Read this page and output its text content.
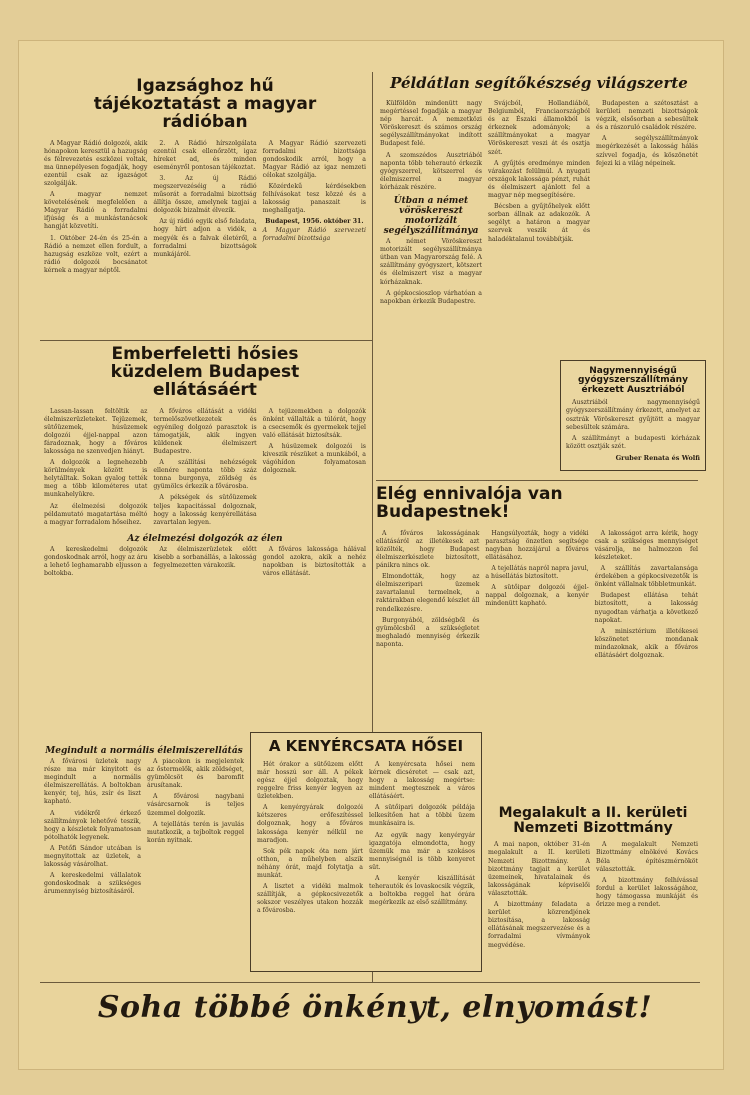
Igazsághoz hű tájékoztatást a magyar rádióban

A Magyar Rádió dolgozói, akik hónapokon keresztül a hazugság és félrevezetés eszközei voltak, ma ünnepélyesen fogadják, hogy ezentúl csak az igazságot szolgálják.

A magyar nemzet követelésének megfelelően a Magyar Rádió a forradalmi ifjúság és a munkástanácsok hangját közvetíti.

1. Október 24-én és 25-én a Rádió a nemzet ellen fordult, a hazugság eszköze volt, ezért a rádió dolgozói bocsánatot kérnek a magyar néptől.

2. A Rádió hírszolgálata ezentúl csak ellenőrzött, igaz híreket ad, és minden eseményről pontosan tájékoztat.

3. Az új Rádió megszervezéséig a rádió műsorát a forradalmi bizottság állítja össze, amelynek tagjai a dolgozók bizalmát élvezik.

Az új rádió egyik első feladata, hogy hírt adjon a vidék, a megyék és a falvak életéről, a forradalmi bizottságok munkájáról.

A Magyar Rádió szervezeti forradalmi bizottsága gondoskodik arról, hogy a Magyar Rádió az igaz nemzeti célokat szolgálja.

Közérdekű kérdésekben felhívásokat tesz közzé és a lakosság panaszait is meghallgatja.

Budapest, 1956. október 31.

A Magyar Rádió szervezeti forradalmi bizottsága

Példátlan segítőkészség világszerte

Külföldön mindenütt nagy megértéssel fogadják a magyar nép harcát. A nemzetközi Vöröskereszt és számos ország segélyszállítmányokat indított Budapest felé.

A szomszédos Ausztriából naponta több teherautó érkezik gyógyszerrel, kötszerrel és élelmiszerrel a magyar kórházak részére.

Útban a német vöröskereszt motorizált segélyszállítmánya

A német Vöröskereszt motorizált segélyszállítmánya útban van Magyarország felé. A szállítmány gyógyszert, kötszert és élelmiszert visz a magyar kórházaknak.

A gépkocsioszlop várhatóan a napokban érkezik Budapestre.

Svájcból, Hollandiából, Belgiumból, Franciaországból és az Északi államokból is érkeznek adományok; a szállítmányokat a magyar Vöröskereszt veszi át és osztja szét.

A gyűjtés eredménye minden várakozást felülmúl. A nyugati országok lakossága pénzt, ruhát és élelmiszert ajánlott fel a magyar nép megsegítésére.

Bécsben a gyűjtőhelyek előtt sorban állnak az adakozók. A segélyt a határon a magyar szervek veszik át és haladéktalanul továbbítják.

Budapesten a szétosztást a kerületi nemzeti bizottságok végzik, elsősorban a sebesültek és a rászoruló családok részére.

A segélyszállítmányok megérkezését a lakosság hálás szívvel fogadja, és köszönetét fejezi ki a világ népeinek.

Nagymennyiségű gyógyszerszállítmány érkezett Ausztriából

Ausztriából nagymennyiségű gyógyszerszállítmány érkezett, amelyet az osztrák Vöröskereszt gyűjtött a magyar sebesültek számára.

A szállítmányt a budapesti kórházak között osztják szét.

Gruber Renata és Wolfi
Emberfeletti hősies küzdelem Budapest ellátásáért

Lassan-lassan feltöltik az élelmiszerüzleteket. Tejüzemek, sütőüzemek, húsüzemek dolgozói éjjel-nappal azon fáradoznak, hogy a főváros lakossága ne szenvedjen hiányt.

A dolgozók a legnehezebb körülmények között is helytálltak. Sokan gyalog tették meg a több kilométeres utat munkahelyükre.

Az élelmezési dolgozók példamutató magatartása méltó a magyar forradalom hőseihez.

A főváros ellátását a vidéki termelőszövetkezetek és egyénileg dolgozó parasztok is támogatják, akik ingyen küldenek élelmiszert Budapestre.

A szállítási nehézségek ellenére naponta több száz tonna burgonya, zöldség és gyümölcs érkezik a fővárosba.

A pékségek és sütőüzemek teljes kapacitással dolgoznak, hogy a lakosság kenyérellátása zavartalan legyen.

A tejüzemekben a dolgozók önként vállalták a túlórát, hogy a csecsemők és gyermekek tejjel való ellátását biztosítsák.

A húsüzemek dolgozói is kiveszik részüket a munkából, a vágóhídon folyamatosan dolgoznak.

Az élelmezési dolgozók az élen

A kereskedelmi dolgozók gondoskodnak arról, hogy az áru a lehető leghamarabb eljusson a boltokba.

Az élelmiszerüzletek előtt kisebb a sorbanállás, a lakosság fegyelmezetten várakozik.

A főváros lakossága hálával gondol azokra, akik a nehéz napokban is biztosították a város ellátását.

Megindult a normális élelmiszerellátás

A fővárosi üzletek nagy része ma már kinyitott és megindult a normális élelmiszerellátás. A boltokban kenyér, tej, hús, zsír és liszt kapható.

A vidékről érkező szállítmányok lehetővé teszik, hogy a készletek folyamatosan pótolhatók legyenek.

A Petőfi Sándor utcában is megnyitottak az üzletek, a lakosság vásárolhat.

A kereskedelmi vállalatok gondoskodnak a szükséges árumennyiség biztosításáról.

A piacokon is megjelentek az őstermelők, akik zöldséget, gyümölcsöt és baromfit árusítanak.

A fővárosi nagybani vásárcsarnok is teljes üzemmel dolgozik.

A tejellátás terén is javulás mutatkozik, a tejboltok reggel korán nyitnak.

Elég ennivalója van Budapestnek!

A főváros lakosságának ellátásáról az illetékesek azt közölték, hogy Budapest élelmiszerkészlete biztosított, pánikra nincs ok.

Elmondották, hogy az élelmiszeripari üzemek zavartalanul termelnek, a raktárakban elegendő készlet áll rendelkezésre.

Burgonyából, zöldségből és gyümölcsből a szükségletet meghaladó mennyiség érkezik naponta.

Hangsúlyozták, hogy a vidéki parasztság önzetlen segítsége nagyban hozzájárul a főváros ellátásához.

A tejellátás napról napra javul, a húsellátás biztosított.

A sütőipar dolgozói éjjel-nappal dolgoznak, a kenyér mindenütt kapható.

A lakosságot arra kérik, hogy csak a szükséges mennyiséget vásárolja, ne halmozzon fel készleteket.

A szállítás zavartalansága érdekében a gépkocsivezetők is önként vállalnak többletmunkát.

Budapest ellátása tehát biztosított, a lakosság nyugodtan várhatja a következő napokat.

A minisztérium illetékesei köszönetet mondanak mindazoknak, akik a főváros ellátásáért dolgoznak.

A KENYÉRCSATA HŐSEI

Hét órakor a sütőüzem előtt már hosszú sor áll. A pékek egész éjjel dolgoztak, hogy reggelre friss kenyér legyen az üzletekben.

A kenyérgyárak dolgozói kétszeres erőfeszítéssel dolgoznak, hogy a főváros lakossága kenyér nélkül ne maradjon.

Sok pék napok óta nem járt otthon, a műhelyben alszik néhány órát, majd folytatja a munkát.

A lisztet a vidéki malmok szállítják, a gépkocsivezetők sokszor veszélyes utakon hozzák a fővárosba.

A kenyércsata hősei nem kérnek dicséretet — csak azt, hogy a lakosság megértse: mindent megtesznek a város ellátásáért.

A sütőipari dolgozók példája lelkesítően hat a többi üzem munkásaira is.

Az egyik nagy kenyérgyár igazgatója elmondotta, hogy üzemük ma már a szokásos mennyiségnél is több kenyeret süt.

A kenyér kiszállítását teherautók és lovaskocsik végzik, a boltokba reggel hat órára megérkezik az első szállítmány.

Megalakult a II. kerületi Nemzeti Bizottmány

A mai napon, október 31-én megalakult a II. kerületi Nemzeti Bizottmány. A bizottmány tagjait a kerület üzemeinek, hivatalainak és lakosságának képviselői választották.

A bizottmány feladata a kerület közrendjének biztosítása, a lakosság ellátásának megszervezése és a forradalmi vívmányok megvédése.

A megalakult Nemzeti Bizottmány elnökévé Kovács Béla építészmérnököt választották.

A bizottmány felhívással fordul a kerület lakosságához, hogy támogassa munkáját és őrizze meg a rendet.

Soha többé önkényt, elnyomást!
